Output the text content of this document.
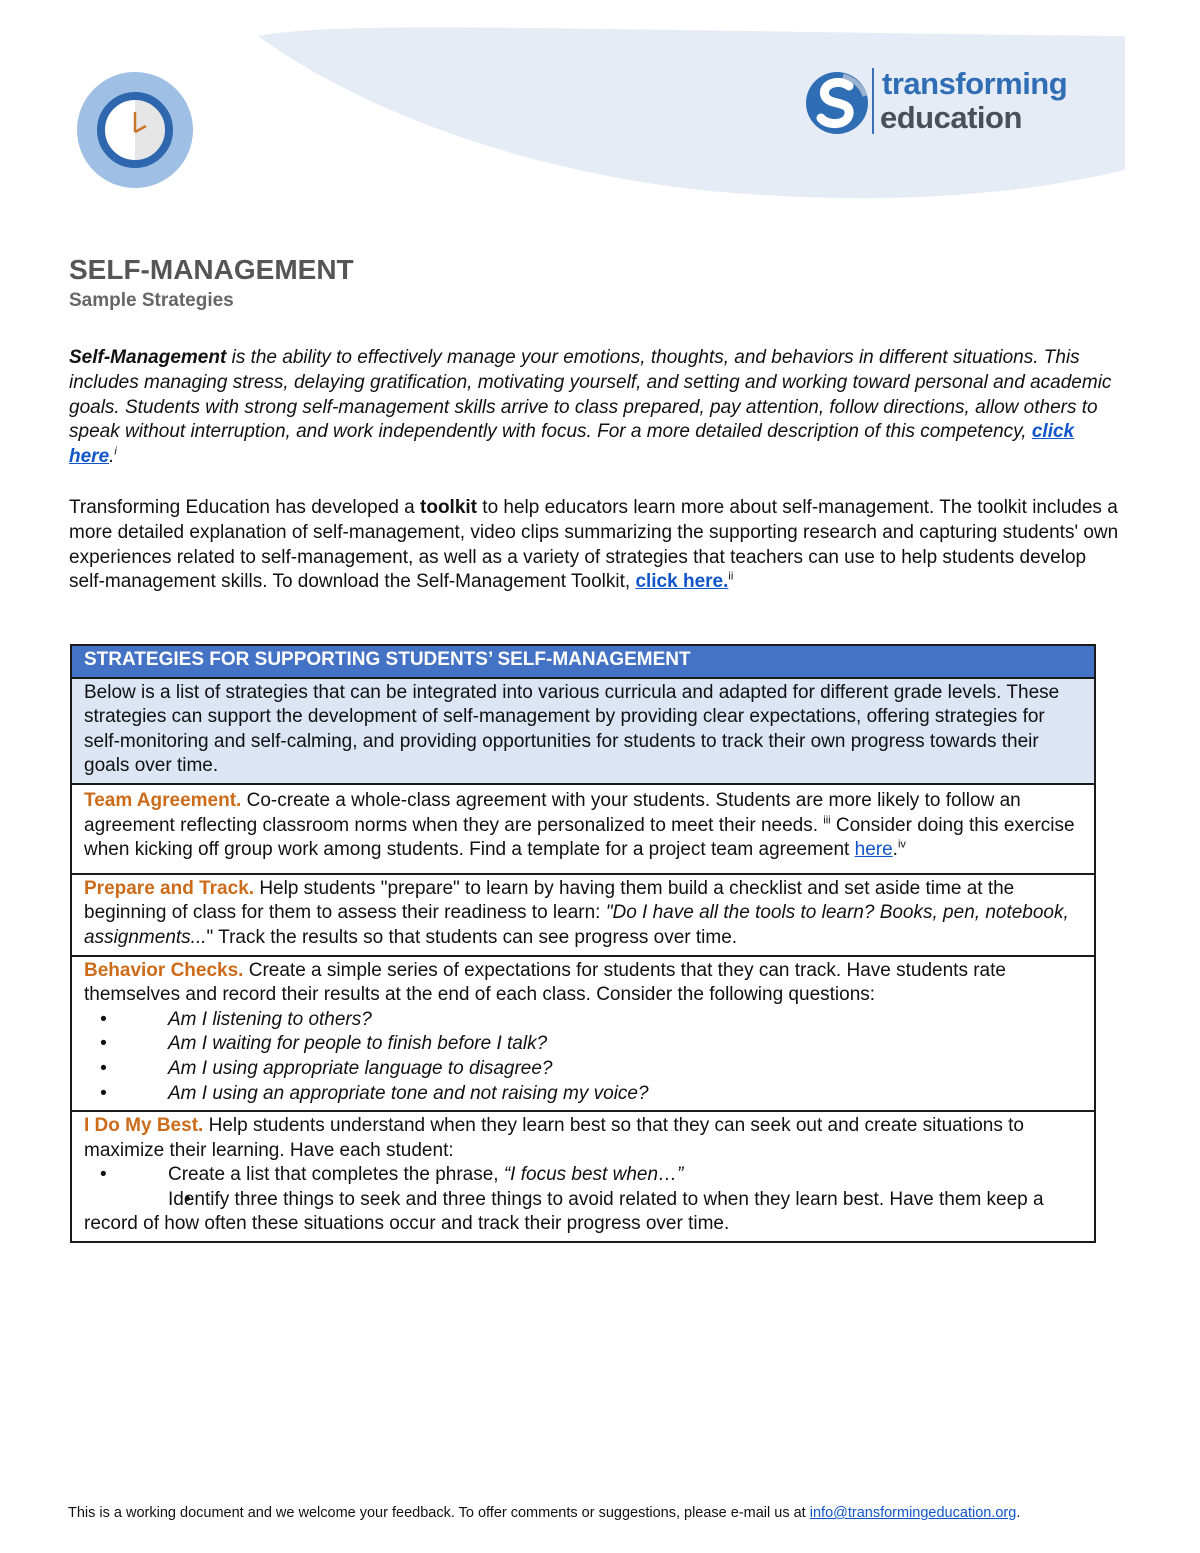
transforming
education
SELF-MANAGEMENT
Sample Strategies

Self-Management is the ability to effectively manage your emotions, thoughts, and behaviors in different situations. This includes managing stress, delaying gratification, motivating yourself, and setting and working toward personal and academic goals. Students with strong self-management skills arrive to class prepared, pay attention, follow directions, allow others to speak without interruption, and work independently with focus. For a more detailed description of this competency, click here.$^i$

Transforming Education has developed a toolkit to help educators learn more about self-management. The toolkit includes a more detailed explanation of self-management, video clips summarizing the supporting research and capturing students' own experiences related to self-management, as well as a variety of strategies that teachers can use to help students develop self-management skills. To download the Self-Management Toolkit, click here.$^{ii}$

STRATEGIES FOR SUPPORTING STUDENTS’ SELF-MANAGEMENT
Below is a list of strategies that can be integrated into various curricula and adapted for different grade levels. These strategies can support the development of self-management by providing clear expectations, offering strategies for self-monitoring and self-calming, and providing opportunities for students to track their own progress towards their goals over time.
Team Agreement. Co-create a whole-class agreement with your students. Students are more likely to follow an agreement reflecting classroom norms when they are personalized to meet their needs. $^{iii}$ Consider doing this exercise when kicking off group work among students. Find a template for a project team agreement here.$^{iv}$
Prepare and Track. Help students "prepare" to learn by having them build a checklist and set aside time at the beginning of class for them to assess their readiness to learn: "Do I have all the tools to learn? Books, pen, notebook, assignments..." Track the results so that students can see progress over time.
Behavior Checks. Create a simple series of expectations for students that they can track. Have students rate themselves and record their results at the end of each class. Consider the following questions:
• Am I listening to others?
• Am I waiting for people to finish before I talk?
• Am I using appropriate language to disagree?
• Am I using an appropriate tone and not raising my voice?

I Do My Best. Help students understand when they learn best so that they can seek out and create situations to maximize their learning. Have each student:
• Create a list that completes the phrase, “I focus best when…”
• Identify three things to seek and three things to avoid related to when they learn best. Have them keep a record of how often these situations occur and track their progress over time.
This is a working document and we welcome your feedback. To offer comments or suggestions, please e-mail us at info@transformingeducation.org.
